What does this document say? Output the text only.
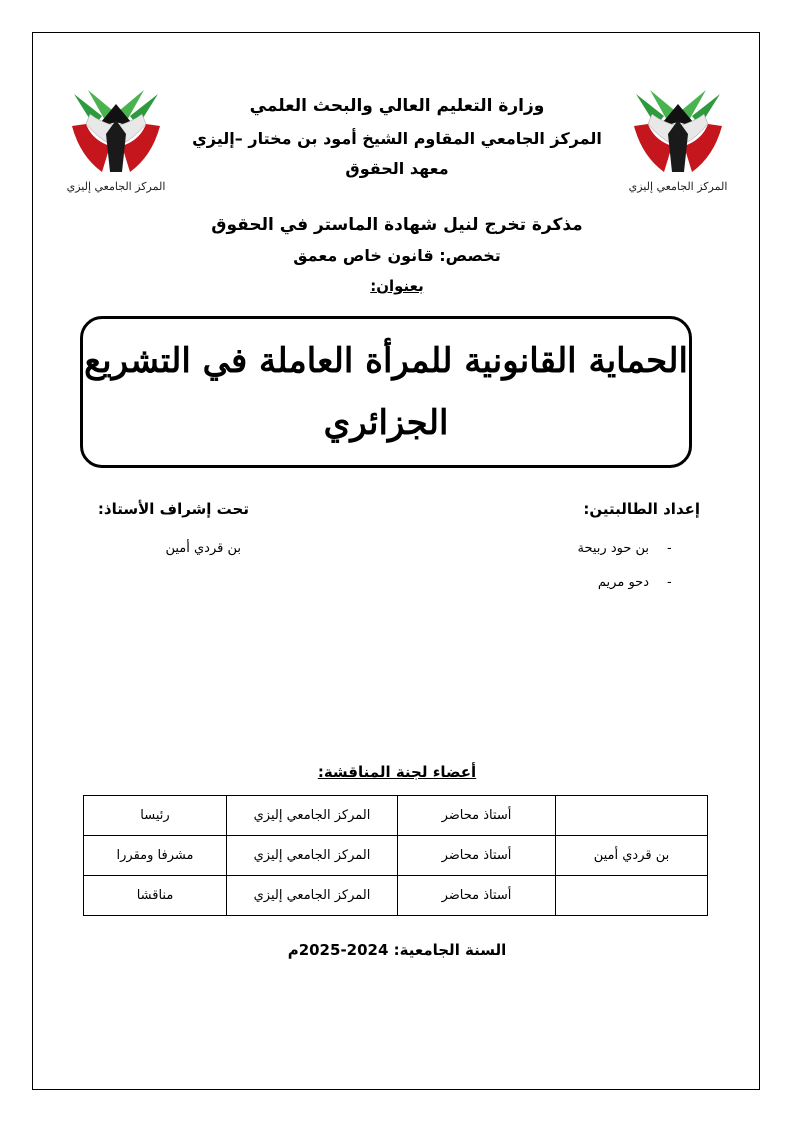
المركز الجامعي إليزي	المركز الجامعي إليزي
وزارة التعليم العالي والبحث العلمي
المركز الجامعي المقاوم الشيخ أمود بن مختار –إليزي
معهد الحقوق
مذكرة تخرج لنيل شهادة الماستر في الحقوق
تخصص: قانون خاص معمق
بعنوان:
الحماية القانونية للمرأة العاملة في التشريع
الجزائري
إعداد الطالبتين:
تحت إشراف الأستاذ:
-
بن حود ربيحة
-
دحو مريم
بن قردي أمين
أعضاء لجنة المناقشة:
	أستاذ محاضر	المركز الجامعي إليزي	رئيسا
بن قردي أمين	أستاذ محاضر	المركز الجامعي إليزي	مشرفا ومقررا
	أستاذ محاضر	المركز الجامعي إليزي	مناقشا
السنة الجامعية: 2024-2025م
